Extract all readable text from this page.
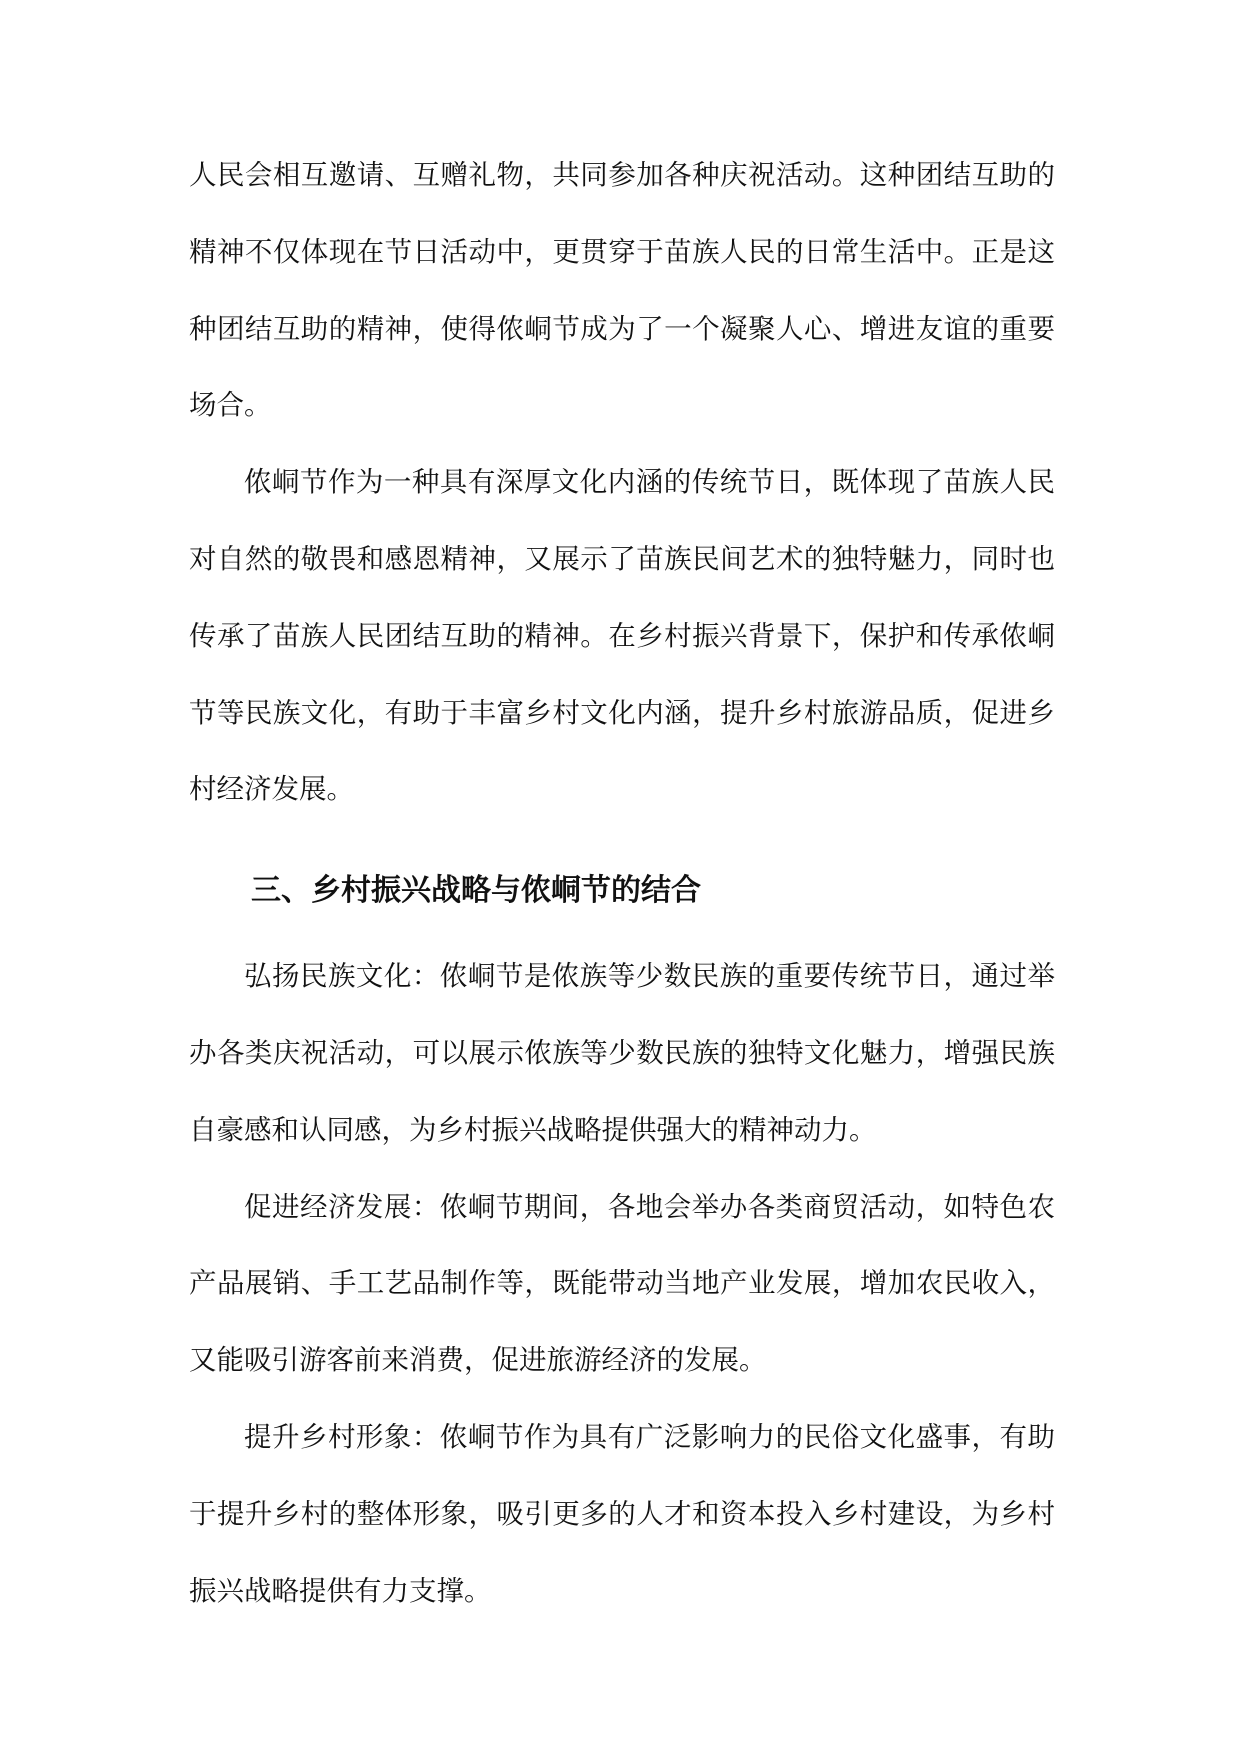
人民会相互邀请、互赠礼物，共同参加各种庆祝活动。这种团结互助的精神不仅体现在节日活动中，更贯穿于苗族人民的日常生活中。正是这种团结互助的精神，使得侬峒节成为了一个凝聚人心、增进友谊的重要场合。

侬峒节作为一种具有深厚文化内涵的传统节日，既体现了苗族人民对自然的敬畏和感恩精神，又展示了苗族民间艺术的独特魅力，同时也传承了苗族人民团结互助的精神。在乡村振兴背景下，保护和传承侬峒节等民族文化，有助于丰富乡村文化内涵，提升乡村旅游品质，促进乡村经济发展。

三、乡村振兴战略与侬峒节的结合

弘扬民族文化：侬峒节是侬族等少数民族的重要传统节日，通过举办各类庆祝活动，可以展示侬族等少数民族的独特文化魅力，增强民族自豪感和认同感，为乡村振兴战略提供强大的精神动力。

促进经济发展：侬峒节期间，各地会举办各类商贸活动，如特色农产品展销、手工艺品制作等，既能带动当地产业发展，增加农民收入，又能吸引游客前来消费，促进旅游经济的发展。

提升乡村形象：侬峒节作为具有广泛影响力的民俗文化盛事，有助于提升乡村的整体形象，吸引更多的人才和资本投入乡村建设，为乡村振兴战略提供有力支撑。
